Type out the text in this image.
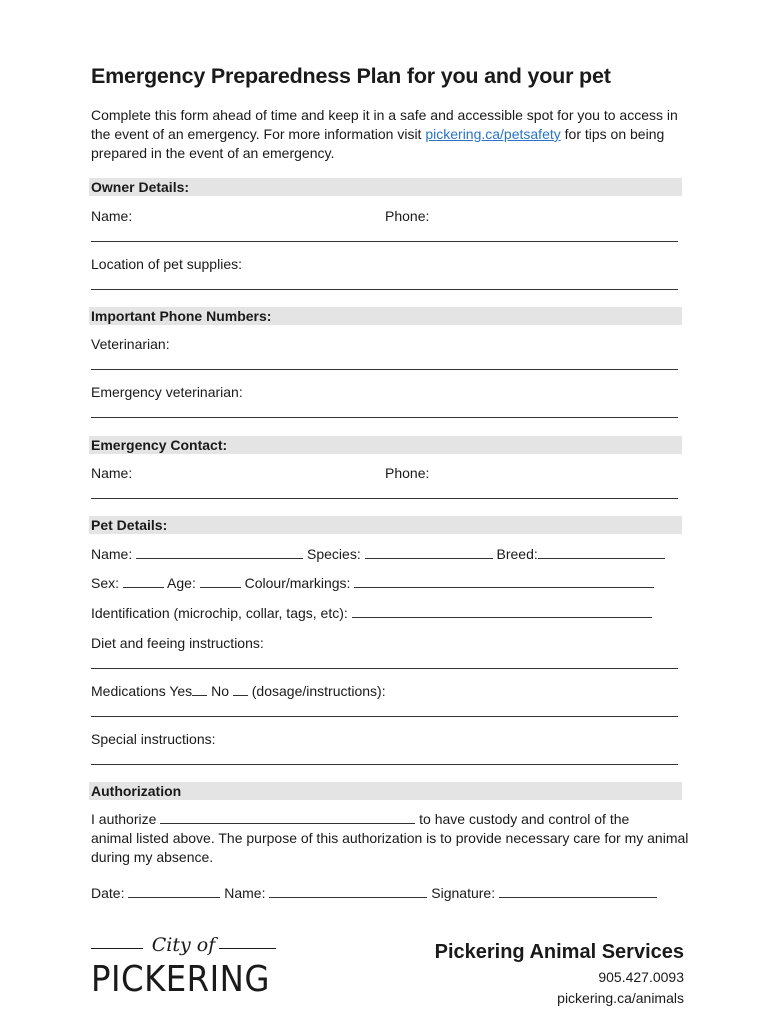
Emergency Preparedness Plan for you and your pet
Complete this form ahead of time and keep it in a safe and accessible spot for you to access in the event of an emergency. For more information visit pickering.ca/petsafety for tips on being prepared in the event of an emergency.
Owner Details:
Name:	Phone:
Location of pet supplies:
Important Phone Numbers:
Veterinarian:
Emergency veterinarian:
Emergency Contact:
Name:	Phone:
Pet Details:
Name:	Species:	Breed:
Sex:	Age:	Colour/markings:
Identification (microchip, collar, tags, etc):
Diet and feeing instructions:
Medications Yes No (dosage/instructions):
Special instructions:
Authorization
I authorize	to have custody and control of the
animal listed above. The purpose of this authorization is to provide necessary care for my animal during my absence.
Date:	Name:	Signature:
City of
PICKERING
Pickering Animal Services
905.427.0093
pickering.ca/animals
